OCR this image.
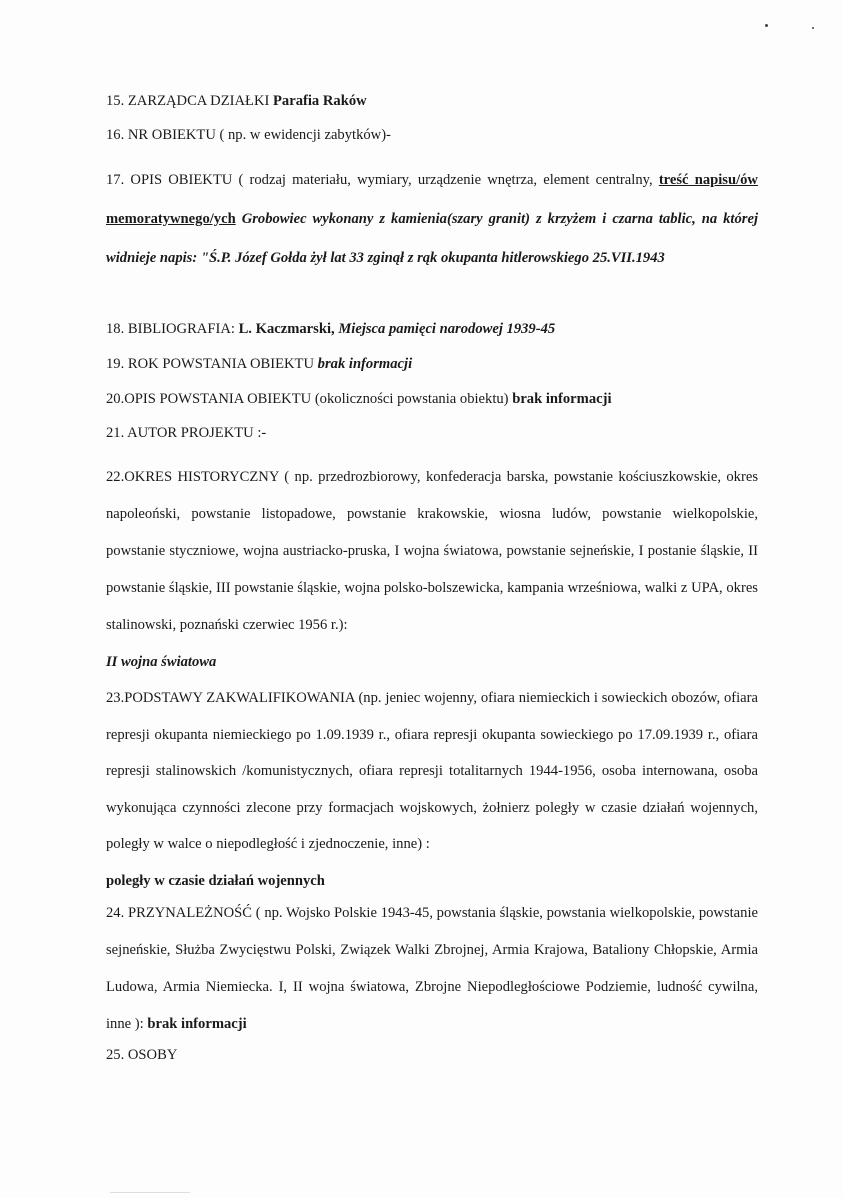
15. ZARZĄDCA DZIAŁKI Parafia Raków

16. NR OBIEKTU ( np. w ewidencji zabytków)-

17. OPIS OBIEKTU ( rodzaj materiału, wymiary, urządzenie wnętrza, element centralny, treść napisu/ów memoratywnego/ych Grobowiec wykonany z kamienia(szary granit) z krzyżem i czarna tablic, na której widnieje napis: "Ś.P. Józef Gołda żył lat 33 zginął z rąk okupanta hitlerowskiego 25.VII.1943

18. BIBLIOGRAFIA: L. Kaczmarski, Miejsca pamięci narodowej 1939-45

19. ROK POWSTANIA OBIEKTU brak informacji

20.OPIS POWSTANIA OBIEKTU (okoliczności powstania obiektu) brak informacji

21. AUTOR PROJEKTU :-

22.OKRES HISTORYCZNY ( np. przedrozbiorowy, konfederacja barska, powstanie kościuszkowskie, okres napoleoński, powstanie listopadowe, powstanie krakowskie, wiosna ludów, powstanie wielkopolskie, powstanie styczniowe, wojna austriacko-pruska, I wojna światowa, powstanie sejneńskie, I postanie śląskie, II powstanie śląskie, III powstanie śląskie, wojna polsko-bolszewicka, kampania wrześniowa, walki z UPA, okres stalinowski, poznański czerwiec 1956 r.):
II wojna światowa

23.PODSTAWY ZAKWALIFIKOWANIA (np. jeniec wojenny, ofiara niemieckich i sowieckich obozów, ofiara represji okupanta niemieckiego po 1.09.1939 r., ofiara represji okupanta sowieckiego po 17.09.1939 r., ofiara represji stalinowskich /komunistycznych, ofiara represji totalitarnych 1944-1956, osoba internowana, osoba wykonująca czynności zlecone przy formacjach wojskowych, żołnierz poległy w czasie działań wojennych, poległy w walce o niepodległość i zjednoczenie, inne) :
poległy w czasie działań wojennych

24. PRZYNALEŻNOŚĆ ( np. Wojsko Polskie 1943-45, powstania śląskie, powstania wielkopolskie, powstanie sejneńskie, Służba Zwycięstwu Polski, Związek Walki Zbrojnej, Armia Krajowa, Bataliony Chłopskie, Armia Ludowa, Armia Niemiecka. I, II wojna światowa, Zbrojne Niepodległościowe Podziemie, ludność cywilna, inne ): brak informacji

25. OSOBY
